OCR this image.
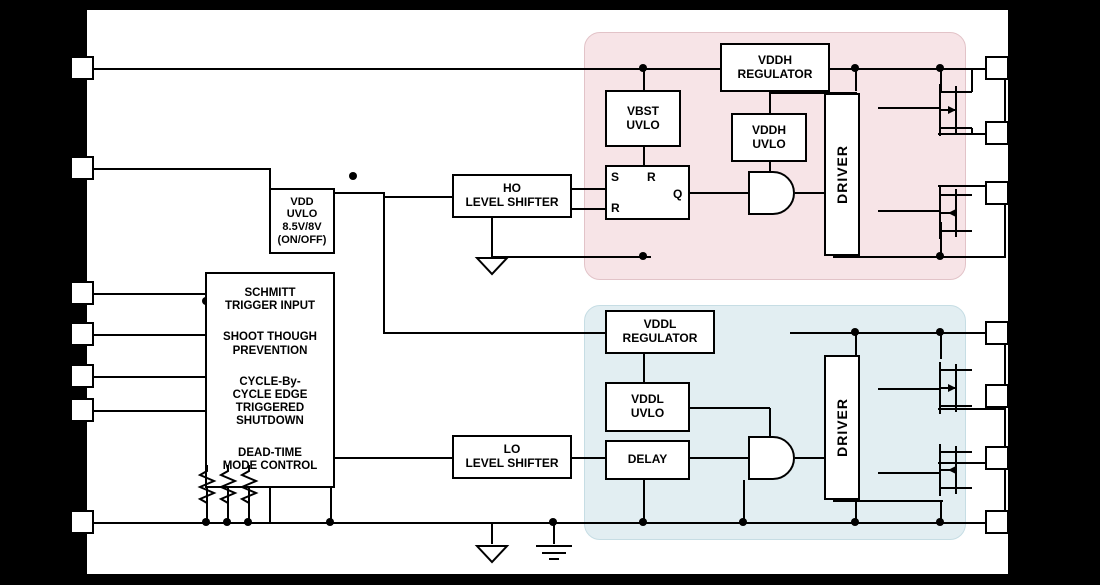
VDD
UVLO
8.5V/8V
(ON/OFF)
SCHMITT
TRIGGER INPUT
SHOOT THOUGH
PREVENTION
CYCLE-By-
CYCLE EDGE
TRIGGERED
SHUTDOWN
DEAD-TIME
MODE CONTROL
HO
LEVEL SHIFTER
LO
LEVEL SHIFTER
VBST
UVLO
VDDH
REGULATOR
VDDH
UVLO
S R
R
Q	DRIVER
DRIVER
VDDL
REGULATOR
VDDL
UVLO
DELAY
